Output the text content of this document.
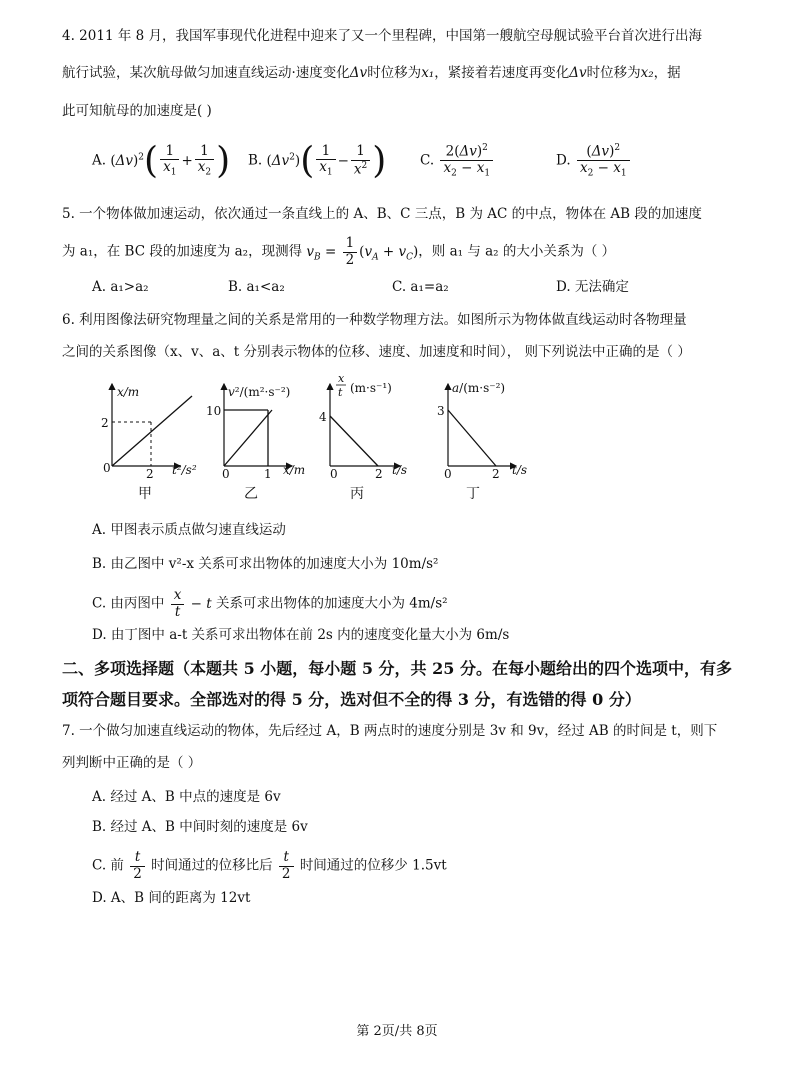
4. 2011 年 8 月，我国军事现代化进程中迎来了又一个里程碑，中国第一艘航空母舰试验平台首次进行出海
航行试验，某次航母做匀加速直线运动·速度变化Δv时位移为x₁，紧接着若速度再变化Δv时位移为x₂，据
此可知航母的加速度是( )
A. $(\Delta v)^2( \frac{1}{x_1} + \frac{1}{x_2}$ ) B. $(\Delta v^2)( \frac{1}{x_1} - \frac{1}{x^2}$ ) C. $\frac{2(\Delta v)^2}{x_2 - x_1}$	D. $\frac{(\Delta v)^2}{x_2 - x_1}$
5. 一个物体做加速运动，依次通过一条直线上的 A、B、C 三点，B 为 AC 的中点，物体在 AB 段的加速度
为 a₁，在 BC 段的加速度为 a₂，现测得 $v_B = \frac{1}{2} (v_A + v_C)$，则 a₁ 与 a₂ 的大小关系为（ ）
A. a₁>a₂	B. a₁<a₂	C. a₁=a₂	D. 无法确定
6. 利用图像法研究物理量之间的关系是常用的一种数学物理方法。如图所示为物体做直线运动时各物理量
之间的关系图像（x、v、a、t 分别表示物体的位移、速度、加速度和时间）， 则下列说法中正确的是（ ）
x/m
2
0	2 t²/s²
甲
v²/(m²·s⁻²)
10
0	1 x/m
乙
x
t (m·s⁻¹)
4
0	2 t/s
丙
a/(m·s⁻²)
3
0	2 t/s
丁
A. 甲图表示质点做匀速直线运动
B. 由乙图中 v²-x 关系可求出物体的加速度大小为 10m/s²
C. 由丙图中 $\frac{x}{t} - t$ 关系可求出物体的加速度大小为 4m/s²
D. 由丁图中 a-t 关系可求出物体在前 2s 内的速度变化量大小为 6m/s
二、多项选择题（本题共 5 小题，每小题 5 分，共 25 分。在每小题给出的四个选项中，有多
项符合题目要求。全部选对的得 5 分，选对但不全的得 3 分，有选错的得 0 分）
7. 一个做匀加速直线运动的物体，先后经过 A，B 两点时的速度分别是 3v 和 9v，经过 AB 的时间是 t，则下
列判断中正确的是（ ）
A. 经过 A、B 中点的速度是 6v
B. 经过 A、B 中间时刻的速度是 6v
C. 前 $\frac{t}{2}$ 时间通过的位移比后 $\frac{t}{2}$ 时间通过的位移少 1.5vt
D. A、B 间的距离为 12vt
第 2页/共 8页
